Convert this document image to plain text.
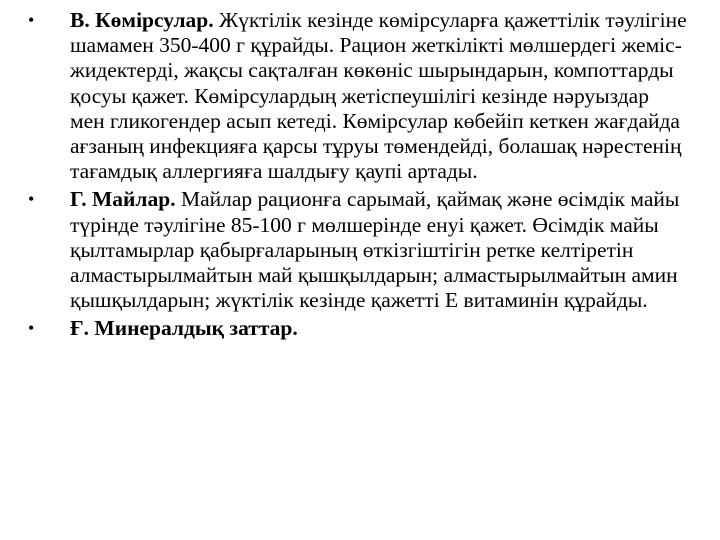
• В. Көмірсулар. Жүктілік кезінде көмірсуларға қажеттілік тәулігіне шамамен 350-400 г құрайды. Рацион жеткілікті мөлшердегі жеміс-жидектерді, жақсы сақталған көкөніс шырындарын, компоттарды қосуы қажет. Көмірсулардың жетіспеушілігі кезінде нәруыздар мен гликогендер асып кетеді. Көмірсулар көбейіп кеткен жағдайда ағзаның инфекцияға қарсы тұруы төмендейді, болашақ нәрестенің тағамдық аллергияға шалдығу қаупі артады.
• Г. Майлар. Майлар рационға сарымай, қаймақ және өсімдік майы түрінде тәулігіне 85-100 г мөлшерінде енуі қажет. Өсімдік майы қылтамырлар қабырғаларының өткізгіштігін ретке келтіретін алмастырылмайтын май қышқылдарын; алмастырылмайтын амин қышқылдарын; жүктілік кезінде қажетті Е витаминін құрайды.
• Ғ. Минералдық заттар.
